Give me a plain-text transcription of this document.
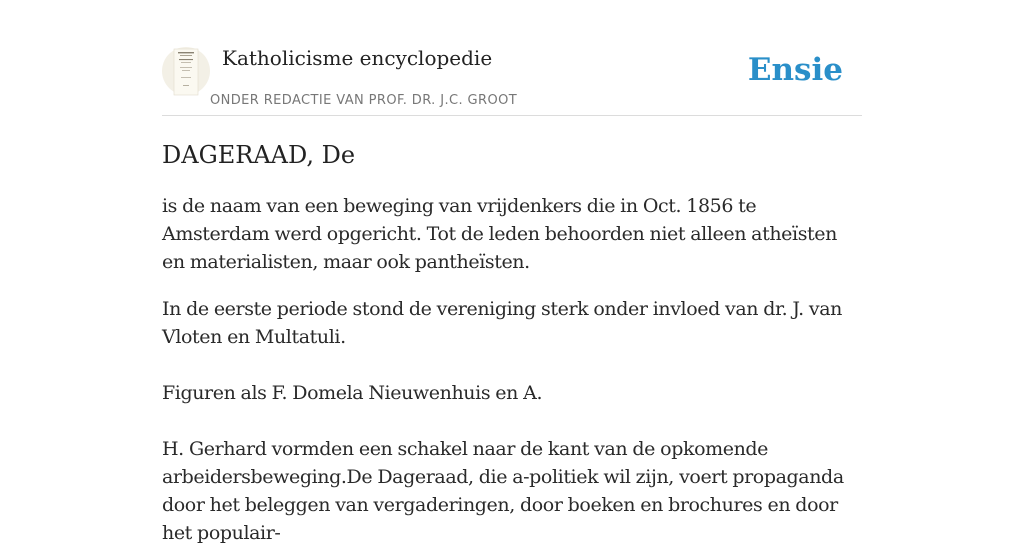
Katholicisme encyclopedie
ONDER REDACTIE VAN PROF. DR. J.C. GROOT
Ensie
DAGERAAD, De

is de naam van een beweging van vrijdenkers die in Oct. 1856 te Amsterdam werd opgericht. Tot de leden behoorden niet alleen atheïsten en materialisten, maar ook pantheïsten.

In de eerste periode stond de vereniging sterk onder invloed van dr. J. van Vloten en Multatuli.

Figuren als F. Domela Nieuwenhuis en A.

H. Gerhard vormden een schakel naar de kant van de opkomende arbeidersbeweging.De Dageraad, die a-politiek wil zijn, voert propaganda door het beleggen van vergaderingen, door boeken en brochures en door het populair-
